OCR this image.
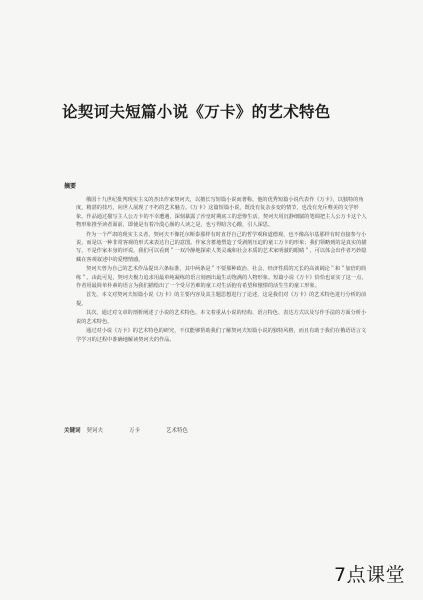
论契诃夫短篇小说《万卡》的艺术特色
摘要

俄国十九世纪批判现实主义的杰出作家契诃夫，以擅长写短篇小说而著称。他的优秀短篇小说代表作《万卡》，以独特的角度，精湛的技巧，向世人展现了不朽的艺术魅力。《万卡》这篇短篇小说，既没有复杂多变的情节，也没有充斥唯美的文学形象。作品通过描写主人公万卡的不幸遭遇，深刻暴露了沙皇时期底工的悲惨生活。契诃夫用沉静细腻的笔调把主人公万卡这个人物形象推至读者面前，即使是有着冷漠心肠的人读之是，也亏得暗含心酸，引人深思。

作为一个严肃的现实主义者，契诃夫不像托尔斯泰那样有时直抒自己的哲学观和道德观，也不像高尔基那样有时直接参与小说，而是以一种非常客观的形式来表达自己的意图。作家含蓄地塑造了受剥削压迫的童工万卡的形象；我们领略到的是真实的描写，不是作家本身的评说。我们可以看到＂一双冷静地探索人类灵魂和社会本质的艺术家明澈的眼睛＂，可以体会出作者巧妙隐藏在客观叙述中的爱憎情感。

契诃夫曾为自己的艺术作品提出六条标准，其中两条是＂不要那种政治、社会、经济性质的冗长的高谈阔论＂和＂加倍的简练＂。由此可见，契诃夫极力追求用最单纯凝练的语言刻画出最生动饱满的人物形象。短篇小说《万卡》恰恰也证实了这一点，作者用最简单朴素的语言为我们描绘出了一个受尽苦难的童工对生活抱有希望和憧憬的活生生的童工形象。

首先，本文对契诃夫短篇小说《万卡》的主要内容及其主题思想进行了论述，这是我们对《万卡》的艺术特色进行分析的前提。

其次，通过对文章的剖析阐述了小说的艺术特色。本文着重从小说的结构、语言特色、表达方式以及写作手法的方面分析小说的艺术特色。

通过对小说《万卡》的艺术特色的研究，不仅能够帮助我们了解契诃夫短篇小说的独特风格，而且有助于我们在俄语语言文学学习的过程中准确地解读契诃夫的作品。

关键词 契诃夫	万卡	艺术特色
7点课堂
